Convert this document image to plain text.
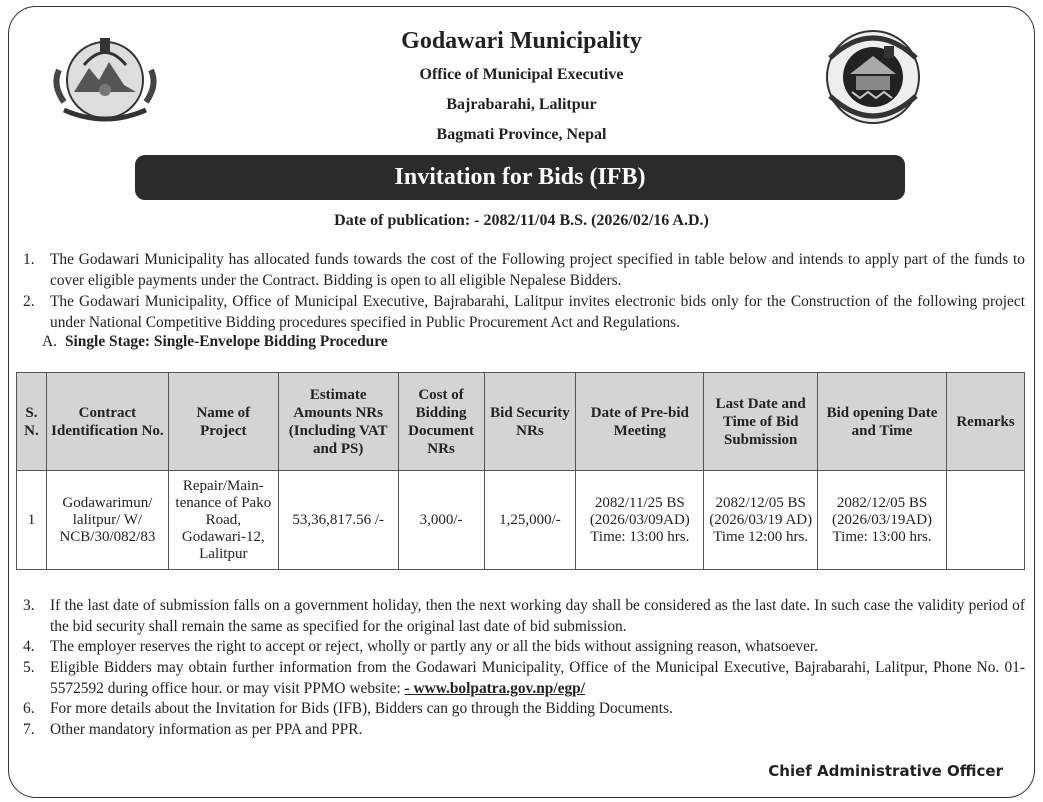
Godawari Municipality
Office of Municipal Executive
Bajrabarahi, Lalitpur
Bagmati Province, Nepal
Invitation for Bids (IFB)
Date of publication: - 2082/11/04 B.S. (2026/02/16 A.D.)
1.	The Godawari Municipality has allocated funds towards the cost of the Following project specified in table below and intends to apply part of the funds to cover eligible payments under the Contract. Bidding is open to all eligible Nepalese Bidders.
2.	The Godawari Municipality, Office of Municipal Executive, Bajrabarahi, Lalitpur invites electronic bids only for the Construction of the following project under National Competitive Bidding procedures specified in Public Procurement Act and Regulations.
A. Single Stage: Single-Envelope Bidding Procedure

S. N.	Contract Identification No.	Name of Project	Estimate Amounts NRs (Including VAT and PS)	Cost of Bidding Document NRs	Bid Security NRs	Date of Pre-bid Meeting	Last Date and Time of Bid Submission	Bid opening Date and Time	Remarks
1	Godawarimun/ lalitpur/ W/ NCB/30/082/83	Repair/Main-tenance of Pako Road, Godawari-12, Lalitpur	53,36,817.56 /-	3,000/-	1,25,000/-	2082/11/25 BS (2026/03/09AD) Time: 13:00 hrs.	2082/12/05 BS (2026/03/19 AD) Time 12:00 hrs.	2082/12/05 BS (2026/03/19AD) Time: 13:00 hrs.	
3.	If the last date of submission falls on a government holiday, then the next working day shall be considered as the last date. In such case the validity period of the bid security shall remain the same as specified for the original last date of bid submission.
4.	The employer reserves the right to accept or reject, wholly or partly any or all the bids without assigning reason, whatsoever.
5.	Eligible Bidders may obtain further information from the Godawari Municipality, Office of the Municipal Executive, Bajrabarahi, Lalitpur, Phone No. 01-5572592 during office hour. or may visit PPMO website: - www.bolpatra.gov.np/egp/
6.	For more details about the Invitation for Bids (IFB), Bidders can go through the Bidding Documents.
7.	Other mandatory information as per PPA and PPR.
Chief Administrative Officer
